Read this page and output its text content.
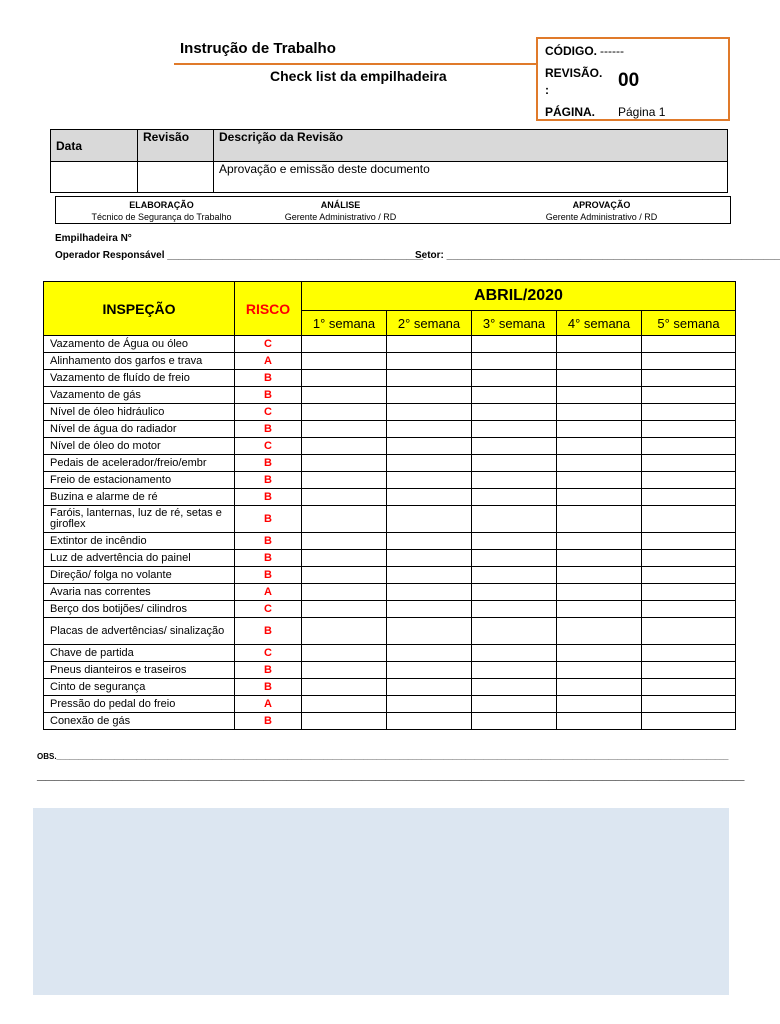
Instrução de Trabalho
Check list da empilhadeira
CÓDIGO. ------
REVISÃO.
:	00
PÁGINA. Página 1
Data	Revisão	Descrição da Revisão
		Aprovação e emissão deste documento
ELABORAÇÃO
Técnico de Segurança do Trabalho
ANÁLISE
Gerente Administrativo / RD
APROVAÇÃO
Gerente Administrativo / RD
Empilhadeira N°
Operador Responsável ______________________________________________
Setor: ____________________________________________________________
INSPEÇÃO	RISCO	ABRIL/2020				
		1° semana	2° semana	3° semana	4° semana	5° semana
Vazamento de Água ou óleo	C					
Alinhamento dos garfos e trava	A					
Vazamento de fluído de freio	B					
Vazamento de gás	B					
Nível de óleo hidráulico	C					
Nível de água do radiador	B					
Nível de óleo do motor	C					
Pedais de acelerador/freio/embr	B					
Freio de estacionamento	B					
Buzina e alarme de ré	B					
Faróis, lanternas, luz de ré, setas e giroflex	B					
Extintor de incêndio	B					
Luz de advertência do painel	B					
Direção/ folga no volante	B					
Avaria nas correntes	A					
Berço dos botijões/ cilindros	C					
Placas de advertências/ sinalização	B					
Chave de partida	C					
Pneus dianteiros e traseiros	B					
Cinto de segurança	B					
Pressão do pedal do freio	A					
Conexão de gás	B					
OBS._______________________________________________________________________________________________________________________________________________________
_______________________________________________________________________________________________________________________________________________________________
